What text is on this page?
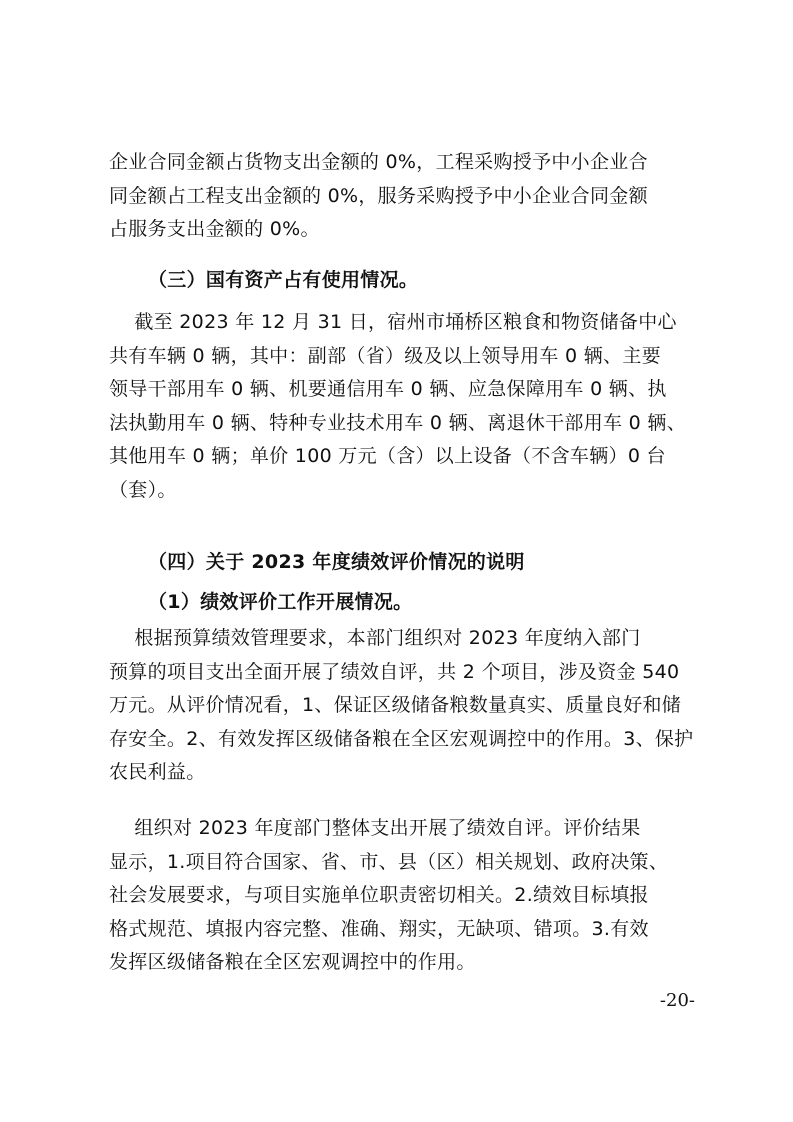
企业合同金额占货物支出金额的 0%，工程采购授予中小企业合
同金额占工程支出金额的 0%，服务采购授予中小企业合同金额
占服务支出金额的 0%。

（三）国有资产占有使用情况。

截至 2023 年 12 月 31 日，宿州市埇桥区粮食和物资储备中心
共有车辆 0 辆，其中：副部（省）级及以上领导用车 0 辆、主要
领导干部用车 0 辆、机要通信用车 0 辆、应急保障用车 0 辆、执
法执勤用车 0 辆、特种专业技术用车 0 辆、离退休干部用车 0 辆、
其他用车 0 辆；单价 100 万元（含）以上设备（不含车辆）0 台
（套）。

（四）关于 2023 年度绩效评价情况的说明

（1）绩效评价工作开展情况。

根据预算绩效管理要求，本部门组织对 2023 年度纳入部门
预算的项目支出全面开展了绩效自评，共 2 个项目，涉及资金 540
万元。从评价情况看，1、保证区级储备粮数量真实、质量良好和储
存安全。2、有效发挥区级储备粮在全区宏观调控中的作用。3、保护
农民利益。

组织对 2023 年度部门整体支出开展了绩效自评。评价结果
显示，1.项目符合国家、省、市、县（区）相关规划、政府决策、
社会发展要求，与项目实施单位职责密切相关。2.绩效目标填报
格式规范、填报内容完整、准确、翔实，无缺项、错项。3.有效
发挥区级储备粮在全区宏观调控中的作用。

-20-
